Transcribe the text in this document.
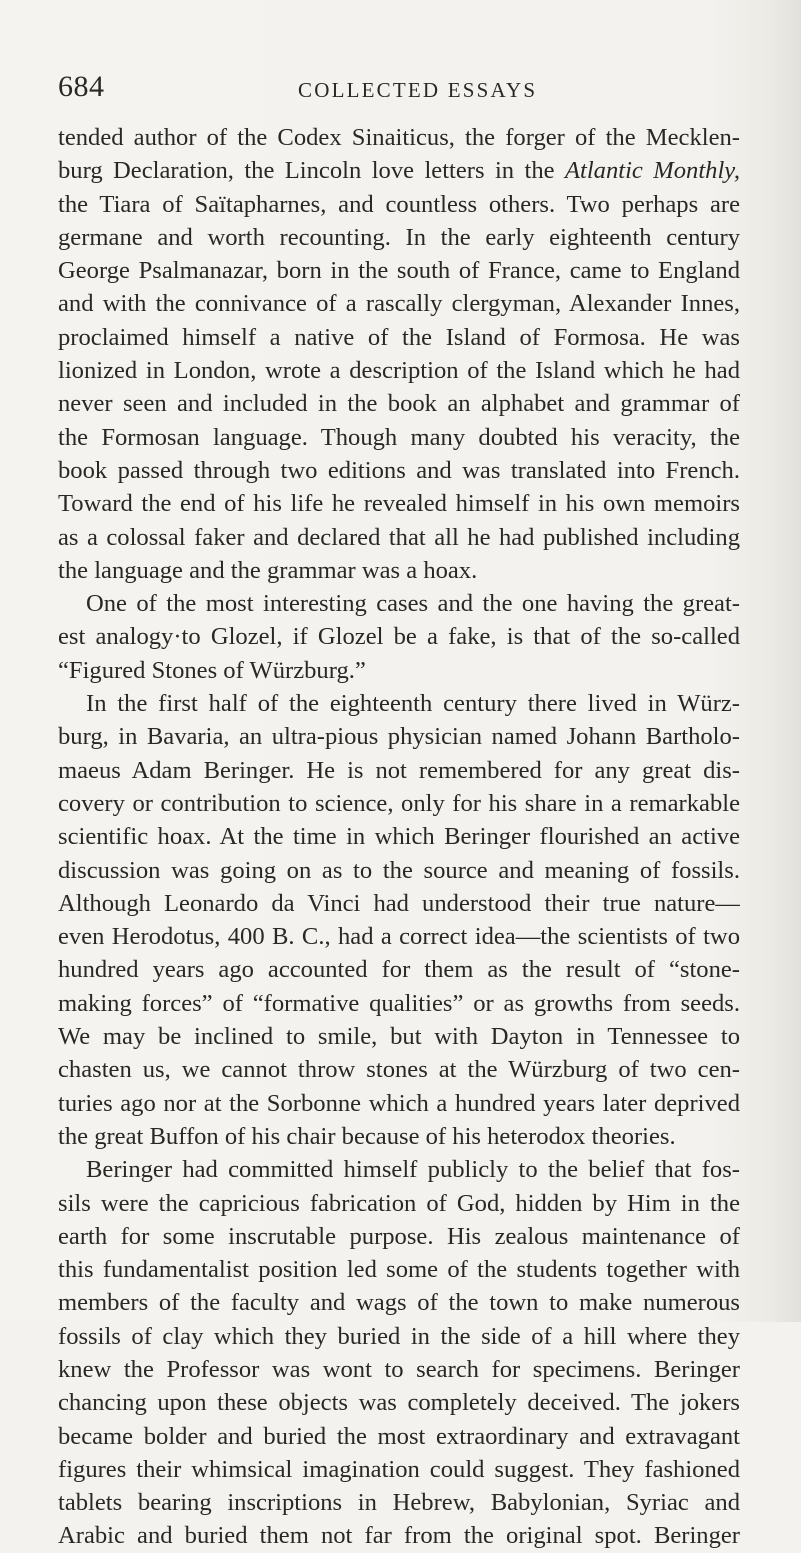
684	COLLECTED ESSAYS
tended author of the Codex Sinaiticus, the forger of the Mecklen-
burg Declaration, the Lincoln love letters in the Atlantic Monthly,
the Tiara of Saïtapharnes, and countless others. Two perhaps are
germane and worth recounting. In the early eighteenth century
George Psalmanazar, born in the south of France, came to England
and with the connivance of a rascally clergyman, Alexander Innes,
proclaimed himself a native of the Island of Formosa. He was
lionized in London, wrote a description of the Island which he had
never seen and included in the book an alphabet and grammar of
the Formosan language. Though many doubted his veracity, the
book passed through two editions and was translated into French.
Toward the end of his life he revealed himself in his own memoirs
as a colossal faker and declared that all he had published including
the language and the grammar was a hoax.
One of the most interesting cases and the one having the great-
est analogy·to Glozel, if Glozel be a fake, is that of the so-called
“Figured Stones of Würzburg.”
In the first half of the eighteenth century there lived in Würz-
burg, in Bavaria, an ultra-pious physician named Johann Bartholo-
maeus Adam Beringer. He is not remembered for any great dis-
covery or contribution to science, only for his share in a remarkable
scientific hoax. At the time in which Beringer flourished an active
discussion was going on as to the source and meaning of fossils.
Although Leonardo da Vinci had understood their true nature—
even Herodotus, 400 B. C., had a correct idea—the scientists of two
hundred years ago accounted for them as the result of “stone-
making forces” of “formative qualities” or as growths from seeds.
We may be inclined to smile, but with Dayton in Tennessee to
chasten us, we cannot throw stones at the Würzburg of two cen-
turies ago nor at the Sorbonne which a hundred years later deprived
the great Buffon of his chair because of his heterodox theories.
Beringer had committed himself publicly to the belief that fos-
sils were the capricious fabrication of God, hidden by Him in the
earth for some inscrutable purpose. His zealous maintenance of
this fundamentalist position led some of the students together with
members of the faculty and wags of the town to make numerous
fossils of clay which they buried in the side of a hill where they
knew the Professor was wont to search for specimens. Beringer
chancing upon these objects was completely deceived. The jokers
became bolder and buried the most extraordinary and extravagant
figures their whimsical imagination could suggest. They fashioned
tablets bearing inscriptions in Hebrew, Babylonian, Syriac and
Arabic and buried them not far from the original spot. Beringer
